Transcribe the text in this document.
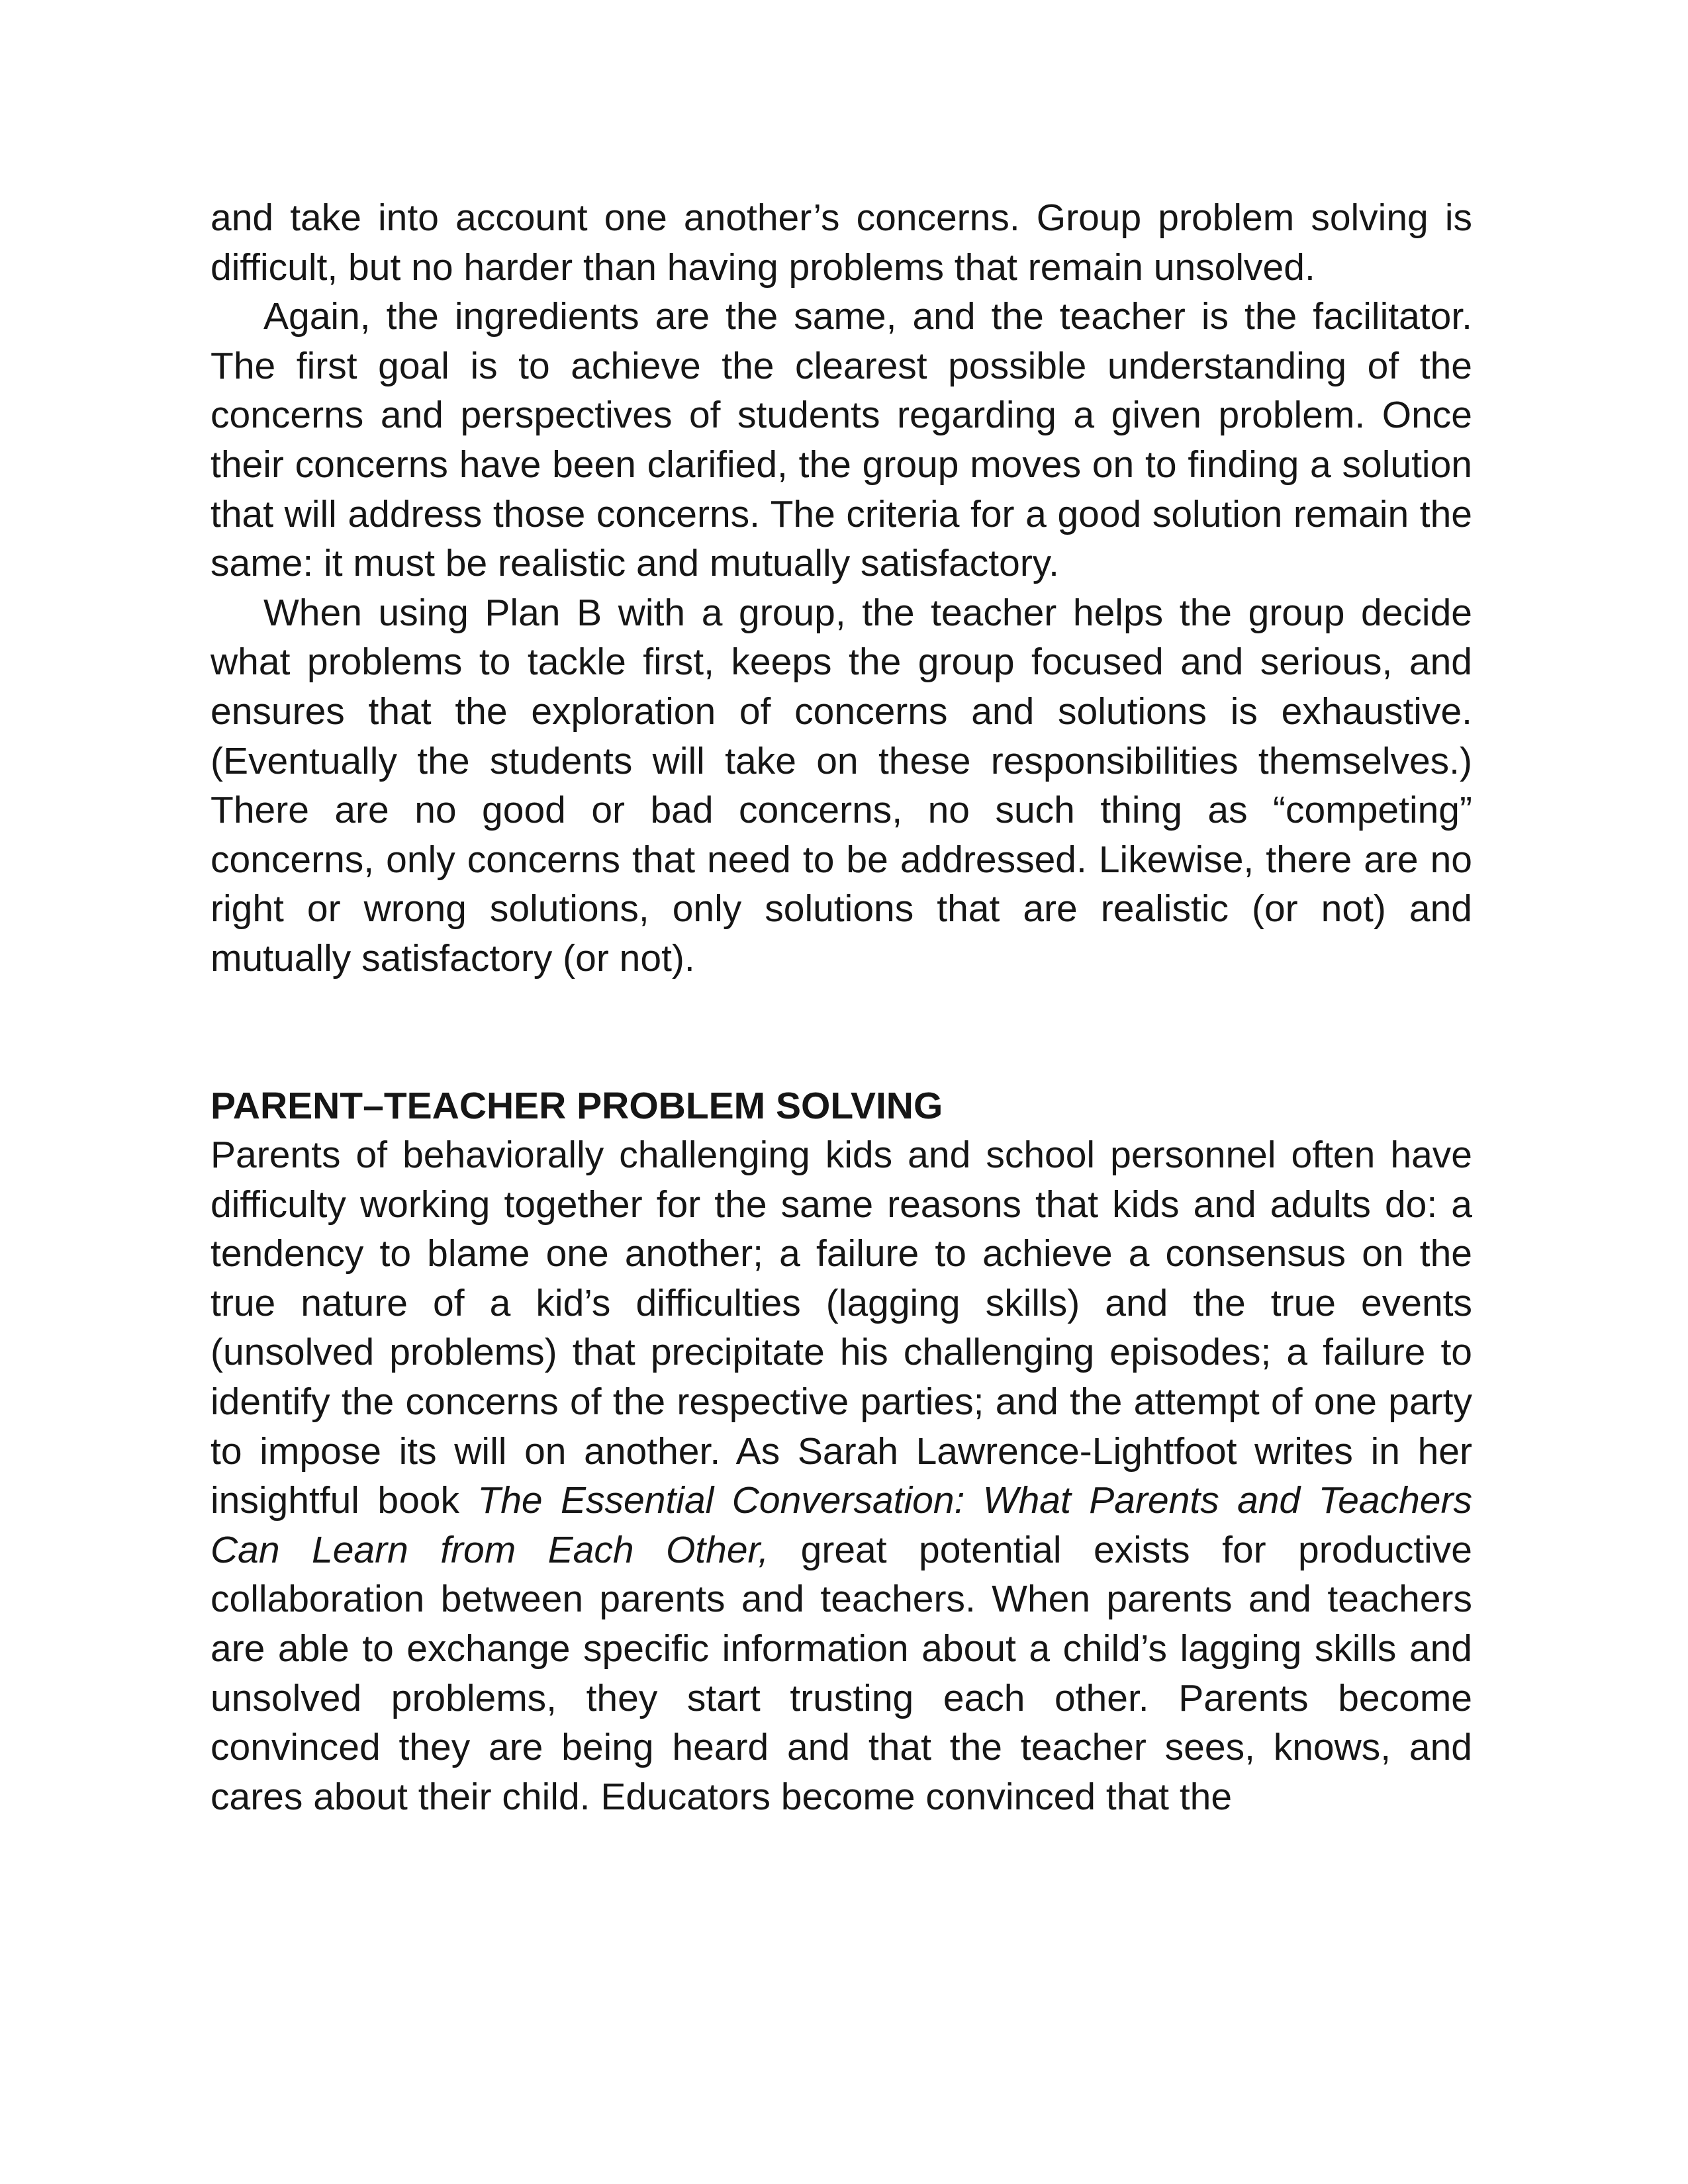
and take into account one another’s concerns. Group problem solving is difficult, but no harder than having problems that remain unsolved.

Again, the ingredients are the same, and the teacher is the facilitator. The first goal is to achieve the clearest possible understanding of the concerns and perspectives of students regarding a given problem. Once their concerns have been clarified, the group moves on to finding a solution that will address those concerns. The criteria for a good solution remain the same: it must be realistic and mutually satisfactory.

When using Plan B with a group, the teacher helps the group decide what problems to tackle first, keeps the group focused and serious, and ensures that the exploration of concerns and solutions is exhaustive. (Eventually the students will take on these responsibilities themselves.) There are no good or bad concerns, no such thing as “competing” concerns, only concerns that need to be addressed. Likewise, there are no right or wrong solutions, only solutions that are realistic (or not) and mutually satisfactory (or not).

PARENT–TEACHER PROBLEM SOLVING

Parents of behaviorally challenging kids and school personnel often have difficulty working together for the same reasons that kids and adults do: a tendency to blame one another; a failure to achieve a consensus on the true nature of a kid’s difficulties (lagging skills) and the true events (unsolved problems) that precipitate his challenging episodes; a failure to identify the concerns of the respective parties; and the attempt of one party to impose its will on another. As Sarah Lawrence-Lightfoot writes in her insightful book The Essential Conversation: What Parents and Teachers Can Learn from Each Other, great potential exists for productive collaboration between parents and teachers. When parents and teachers are able to exchange specific information about a child’s lagging skills and unsolved problems, they start trusting each other. Parents become convinced they are being heard and that the teacher sees, knows, and cares about their child. Educators become convinced that the
